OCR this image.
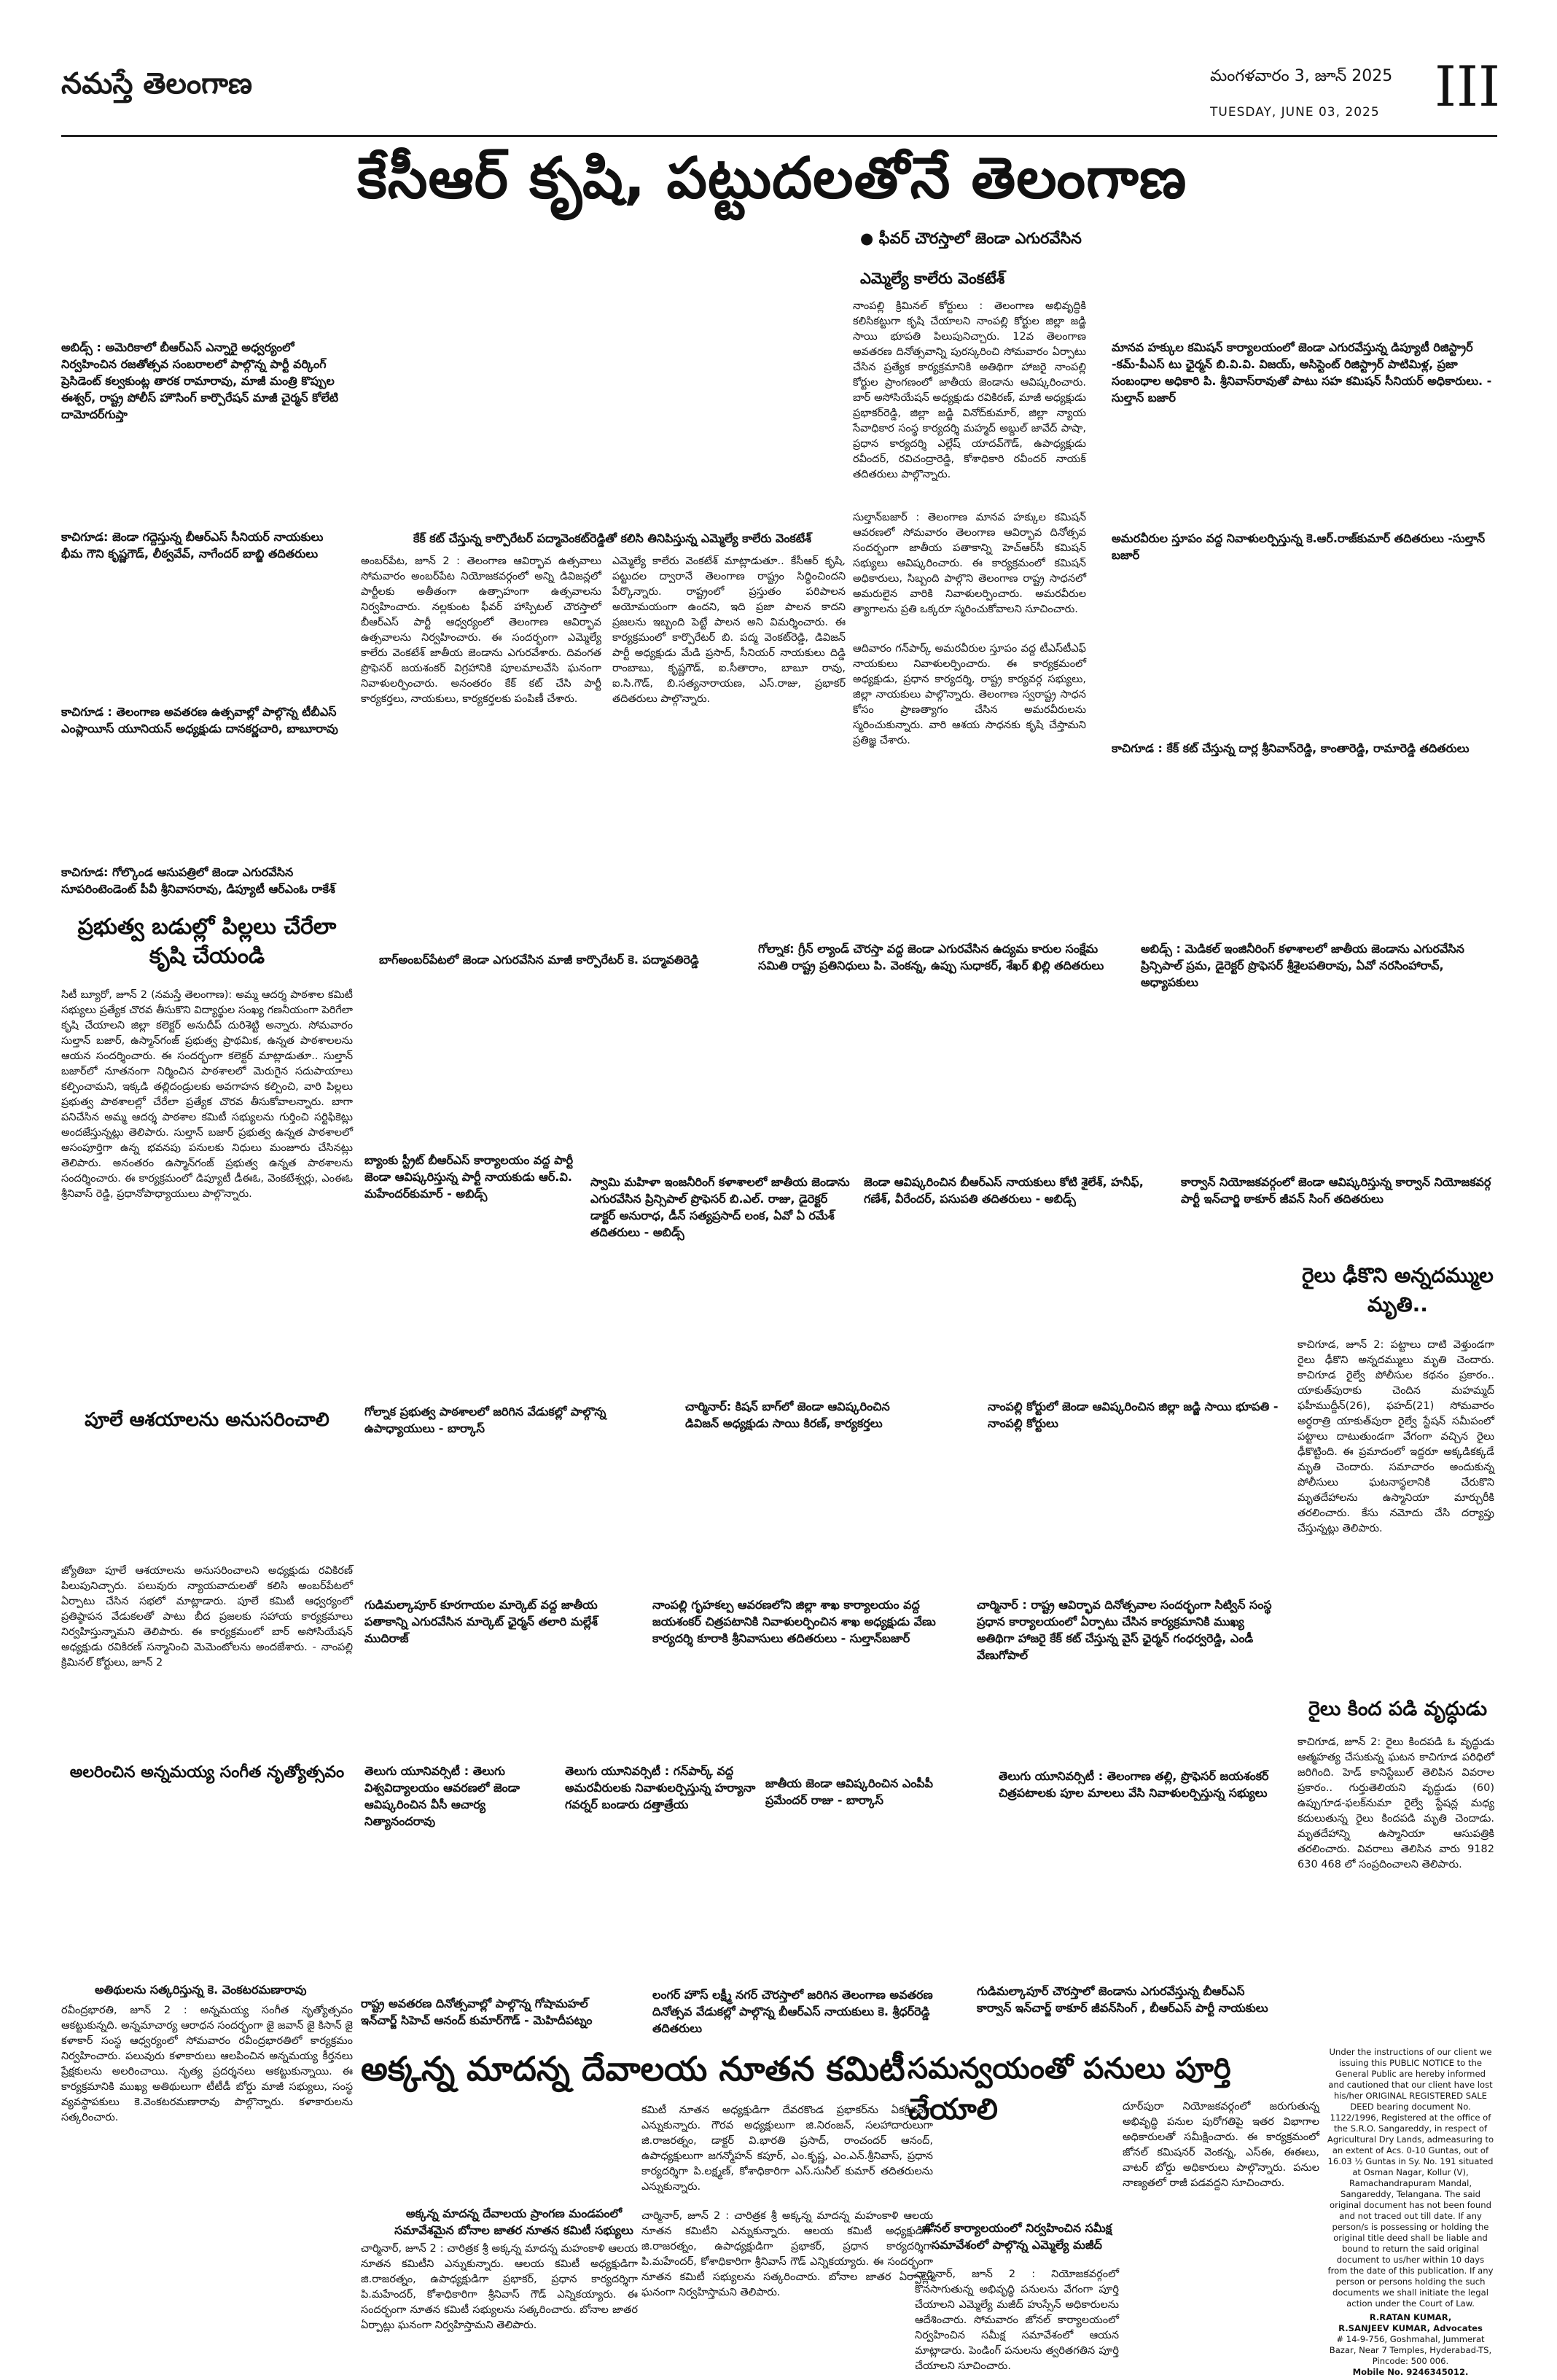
నమస్తే తెలంగాణ	మంగళవారం 3, జూన్ 2025
TUESDAY, JUNE 03, 2025 III
కేసీఆర్ కృషి, పట్టుదలతోనే తెలంగాణ
● ఫీవర్ చౌరస్తాలో జెండా ఎగురవేసిన
ఎమ్మెల్యే కాలేరు వెంకటేశ్
అబిడ్స్ : అమెరికాలో బీఆర్‌ఎస్ ఎన్నారై అధ్వర్యంలో నిర్వహించిన రజతోత్సవ సంబరాలలో పాల్గొన్న పార్టీ వర్కింగ్ ప్రెసిడెంట్ కల్వకుంట్ల తారక రామారావు, మాజీ మంత్రి కొప్పుల ఈశ్వర్, రాష్ట్ర పోలీస్ హౌసింగ్ కార్పొరేషన్ మాజీ చైర్మన్ కోలేటి దామోదర్‌గుప్తా
కాచిగూడ: జెండా గద్దెస్తున్న బీఆర్‌ఎస్ సీనియర్ నాయకులు భీమ గౌని కృష్ణగౌడ్, లీఠ్వవేవ్, నాగేందర్ బాబ్జి తదితరులు
కాచిగూడ : తెలంగాణ అవతరణ ఉత్సవాల్లో పాల్గొన్న టీబీఎస్ ఎంప్లాయీస్ యూనియన్ అధ్యక్షుడు దానకర్ణచారి, బాబూరావు
కాచిగూడ: గోల్కొండ ఆసుపత్రిలో జెండా ఎగురవేసిన సూపరింటెండెంట్ పీవీ శ్రీనివాసరావు, డిప్యూటీ ఆర్‌ఎంఓ రాకేశ్
నాంపల్లి క్రిమినల్ కోర్టులు : తెలంగాణ అభివృద్ధికి కలిసికట్టుగా కృషి చేయాలని నాంపల్లి కోర్టుల జిల్లా జడ్జి సాయి భూపతి పిలుపునిచ్చారు. 12వ తెలంగాణ అవతరణ దినోత్సవాన్ని పురస్కరించి సోమవారం ఏర్పాటు చేసిన ప్రత్యేక కార్యక్రమానికి అతిథిగా హాజరై నాంపల్లి కోర్టుల ప్రాంగణంలో జాతీయ జెండాను ఆవిష్కరించారు. బార్ అసోసియేషన్ అధ్యక్షుడు రవికిరణ్, మాజీ అధ్యక్షుడు ప్రభాకర్‌రెడ్డి, జిల్లా జడ్జి వినోద్‌కుమార్, జిల్లా న్యాయ సేవాధికార సంస్థ కార్యదర్శి మహ్మద్ అబ్దుల్ జావేద్ పాషా, ప్రధాన కార్యదర్శి ఎల్లేష్ యాదవ్‌గౌడ్, ఉపాధ్యక్షుడు రవీందర్, రవిచంద్రారెడ్డి, కోశాధికారి రవీందర్ నాయక్ తదితరులు పాల్గొన్నారు.
సుల్తాన్‌బజార్ : తెలంగాణ మానవ హక్కుల కమిషన్ ఆవరణలో సోమవారం తెలంగాణ ఆవిర్భావ దినోత్సవ సందర్భంగా జాతీయ పతాకాన్ని హెచ్‌ఆర్‌సీ కమిషన్ సభ్యులు ఆవిష్కరించారు. ఈ కార్యక్రమంలో కమిషన్ అధికారులు, సిబ్బంది పాల్గొని తెలంగాణ రాష్ట్ర సాధనలో అమరులైన వారికి నివాళులర్పించారు. అమరవీరుల త్యాగాలను ప్రతి ఒక్కరూ స్మరించుకోవాలని సూచించారు.
కేక్ కట్ చేస్తున్న కార్పొరేటర్ పద్మావెంకట్‌రెడ్డితో కలిసి తినిపిస్తున్న ఎమ్మెల్యే కాలేరు వెంకటేశ్
అంబర్‌పేట, జూన్ 2 : తెలంగాణ ఆవిర్భావ ఉత్సవాలు సోమవారం అంబర్‌పేట నియోజకవర్గంలో అన్ని డివిజన్లలో పార్టీలకు అతీతంగా ఉత్సాహంగా ఉత్సవాలను నిర్వహించారు. నల్లకుంట ఫీవర్ హాస్పిటల్ చౌరస్తాలో బీఆర్‌ఎస్ పార్టీ ఆధ్వర్యంలో తెలంగాణ ఆవిర్భావ ఉత్సవాలను నిర్వహించారు. ఈ సందర్భంగా ఎమ్మెల్యే కాలేరు వెంకటేశ్ జాతీయ జెండాను ఎగురవేశారు. దివంగత ప్రొఫెసర్ జయశంకర్ విగ్రహానికి పూలమాలవేసి ఘనంగా నివాళులర్పించారు. అనంతరం కేక్ కట్ చేసి పార్టీ కార్యకర్తలు, నాయకులు, కార్యకర్తలకు పంపిణీ చేశారు.
ఎమ్మెల్యే కాలేరు వెంకటేశ్ మాట్లాడుతూ.. కేసీఆర్ కృషి, పట్టుదల ద్వారానే తెలంగాణ రాష్ట్రం సిద్ధించిందని పేర్కొన్నారు. రాష్ట్రంలో ప్రస్తుతం పరిపాలన అయోమయంగా ఉందని, ఇది ప్రజా పాలన కాదని ప్రజలను ఇబ్బంది పెట్టే పాలన అని విమర్శించారు. ఈ కార్యక్రమంలో కార్పొరేటర్ బి. పద్మ వెంకట్‌రెడ్డి, డివిజన్ పార్టీ అధ్యక్షుడు మేడి ప్రసాద్, సీనియర్ నాయకులు దిడ్డి రాంబాబు, కృష్ణగౌడ్, ఐ.సీతారాం, బాబూ రావు, ఐ.సి.గౌడ్, బి.సత్యనారాయణ, ఎస్.రాజు, ప్రభాకర్ తదితరులు పాల్గొన్నారు.
ఆదివారం గన్‌పార్క్ అమరవీరుల స్తూపం వద్ద టీఎస్‌టీఎఫ్ నాయకులు నివాళులర్పించారు. ఈ కార్యక్రమంలో అధ్యక్షుడు, ప్రధాన కార్యదర్శి, రాష్ట్ర కార్యవర్గ సభ్యులు, జిల్లా నాయకులు పాల్గొన్నారు. తెలంగాణ స్వరాష్ట్ర సాధన కోసం ప్రాణత్యాగం చేసిన అమరవీరులను స్మరించుకున్నారు. వారి ఆశయ సాధనకు కృషి చేస్తామని ప్రతిజ్ఞ చేశారు.
మానవ హక్కుల కమిషన్ కార్యాలయంలో జెండా ఎగురవేస్తున్న డిప్యూటీ రిజిస్ట్రార్ -కమ్-పీఎస్ టు ఛైర్మన్ బి.వి.వి. విజయ్, అసిస్టెంట్ రిజిస్ట్రార్ పాటిమిళ్ల, ప్రజా సంబంధాల అధికారి పి. శ్రీనివాస్‌రావుతో పాటు సహ కమిషన్ సీనియర్ అధికారులు. - సుల్తాన్ బజార్
అమరవీరుల స్తూపం వద్ద నివాళులర్పిస్తున్న కె.ఆర్.రాజ్‌కుమార్ తదితరులు -సుల్తాన్ బజార్
కాచిగూడ : కేక్ కట్ చేస్తున్న దార్ల శ్రీనివాస్‌రెడ్డి, కాంతారెడ్డి, రామారెడ్డి తదితరులు
ప్రభుత్వ బడుల్లో పిల్లలు చేరేలా కృషి చేయండి
సిటీ బ్యూరో, జూన్ 2 (నమస్తే తెలంగాణ): అమ్మ ఆదర్శ పాఠశాల కమిటీ సభ్యులు ప్రత్యేక చొరవ తీసుకొని విద్యార్థుల సంఖ్య గణనీయంగా పెరిగేలా కృషి చేయాలని జిల్లా కలెక్టర్ అనుదీప్ దురిశెట్టి అన్నారు. సోమవారం సుల్తాన్ బజార్, ఉస్మాన్‌గంజ్ ప్రభుత్వ ప్రాథమిక, ఉన్నత పాఠశాలలను ఆయన సందర్శించారు. ఈ సందర్భంగా కలెక్టర్ మాట్లాడుతూ.. సుల్తాన్ బజార్‌లో నూతనంగా నిర్మించిన పాఠశాలలో మెరుగైన సదుపాయాలు కల్పించామని, ఇక్కడి తల్లిదండ్రులకు అవగాహన కల్పించి, వారి పిల్లలు ప్రభుత్వ పాఠశాలల్లో చేరేలా ప్రత్యేక చొరవ తీసుకోవాలన్నారు. బాగా పనిచేసిన అమ్మ ఆదర్శ పాఠశాల కమిటీ సభ్యులను గుర్తించి సర్టిఫికెట్లు అందజేస్తున్నట్లు తెలిపారు. సుల్తాన్ బజార్ ప్రభుత్వ ఉన్నత పాఠశాలలో అసంపూర్తిగా ఉన్న భవనపు పనులకు నిధులు మంజూరు చేసినట్లు తెలిపారు. అనంతరం ఉస్మాన్‌గంజ్ ప్రభుత్వ ఉన్నత పాఠశాలను సందర్శించారు. ఈ కార్యక్రమంలో డిప్యూటీ డీఈఓ, వెంకటేశ్వర్లు, ఎంఈఓ శ్రీనివాస్ రెడ్డి, ప్రధానోపాధ్యాయులు పాల్గొన్నారు.
పూలే ఆశయాలను అనుసరించాలి
జ్యోతిబా పూలే ఆశయాలను అనుసరించాలని అధ్యక్షుడు రవికిరణ్ పిలుపునిచ్చారు. పలువురు న్యాయవాదులతో కలిసి అంబర్‌పేటలో ఏర్పాటు చేసిన సభలో మాట్లాడారు. పూలే కమిటీ ఆధ్వర్యంలో ప్రతిష్ఠాపన వేడుకలతో పాటు బీద ప్రజలకు సహాయ కార్యక్రమాలు నిర్వహిస్తున్నామని తెలిపారు. ఈ కార్యక్రమంలో బార్ అసోసియేషన్ అధ్యక్షుడు రవికిరణ్ సన్మానించి మెమెంటోలను అందజేశారు. - నాంపల్లి క్రిమినల్ కోర్టులు, జూన్ 2
అలరించిన అన్నమయ్య సంగీత నృత్యోత్సవం
అతిథులను సత్కరిస్తున్న కె. వెంకటరమణారావు
రవీంద్రభారతి, జూన్ 2 : అన్నమయ్య సంగీత నృత్యోత్సవం ఆకట్టుకున్నది. అన్నమాచార్య ఆరాధన సందర్భంగా జై జవాన్ జై కిసాన్ జై కళాకార్ సంస్థ ఆధ్వర్యంలో సోమవారం రవీంద్రభారతిలో కార్యక్రమం నిర్వహించారు. పలువురు కళాకారులు ఆలపించిన అన్నమయ్య కీర్తనలు ప్రేక్షకులను అలరించాయి. నృత్య ప్రదర్శనలు ఆకట్టుకున్నాయి. ఈ కార్యక్రమానికి ముఖ్య అతిథులుగా టీటీడీ బోర్డు మాజీ సభ్యులు, సంస్థ వ్యవస్థాపకులు కె.వెంకటరమణారావు పాల్గొన్నారు. కళాకారులను సత్కరించారు.
బాగ్‌అంబర్‌పేటలో జెండా ఎగురవేసిన మాజీ కార్పొరేటర్ కె. పద్మావతిరెడ్డి
గోల్నాక: గ్రీన్ ల్యాండ్ చౌరస్తా వద్ద జెండా ఎగురవేసిన ఉద్యమ కారుల సంక్షేమ సమితి రాష్ట్ర ప్రతినిధులు పి. వెంకన్న, ఉప్పు సుధాకర్, శేఖర్ ఖిల్లి తదితరులు
అబిడ్స్ : మెడికల్ ఇంజినీరింగ్ కళాశాలలో జాతీయ జెండాను ఎగురవేసిన ప్రిన్సిపాల్ ప్రమ, డైరెక్టర్ ప్రొఫెసర్ శ్రీశైలపతిరావు, ఏవో నరసింహారావ్, అధ్యాపకులు
బ్యాంకు స్ట్రీట్ బీఆర్‌ఎస్ కార్యాలయం వద్ద పార్టీ జెండా ఆవిష్కరిస్తున్న పార్టీ నాయకుడు ఆర్.వి. మహేందర్‌కుమార్ - అబిడ్స్
స్వామి మహిళా ఇంజనీరింగ్ కళాశాలలో జాతీయ జెండాను ఎగురవేసిన ప్రిన్సిపాల్ ప్రొఫెసర్ బి.ఎల్. రాజు, డైరెక్టర్ డాక్టర్ అనురాధ, డీన్ సత్యప్రసాద్ లంక, ఏవో ఏ రమేశ్ తదితరులు - అబిడ్స్
జెండా ఆవిష్కరించిన బీఆర్‌ఎస్ నాయకులు కోటి శైలేశ్, హనీఫ్, గణేశ్, వీరేందర్, పసుపతి తదితరులు - అబిడ్స్
కార్వాన్ నియోజకవర్గంలో జెండా ఆవిష్కరిస్తున్న కార్వాన్ నియోజకవర్గ పార్టీ ఇన్‌చార్జి ఠాకూర్ జీవన్ సింగ్ తదితరులు
రైలు ఢీకొని అన్నదమ్ముల మృతి..
కాచిగూడ, జూన్ 2: పట్టాలు దాటి వెళ్తుండగా రైలు ఢీకొని అన్నదమ్ములు మృతి చెందారు. కాచిగూడ రైల్వే పోలీసుల కథనం ప్రకారం.. యాకుత్‌పురాకు చెందిన మహమ్మద్ ఫహీముద్దీన్(26), ఫహద్(21) సోమవారం అర్ధరాత్రి యాకుత్‌పురా రైల్వే స్టేషన్ సమీపంలో పట్టాలు దాటుతుండగా వేగంగా వచ్చిన రైలు ఢీకొట్టింది. ఈ ప్రమాదంలో ఇద్దరూ అక్కడికక్కడే మృతి చెందారు. సమాచారం అందుకున్న పోలీసులు ఘటనాస్థలానికి చేరుకొని మృతదేహాలను ఉస్మానియా మార్చురీకి తరలించారు. కేసు నమోదు చేసి దర్యాప్తు చేస్తున్నట్లు తెలిపారు.
గోల్నాక ప్రభుత్వ పాఠశాలలో జరిగిన వేడుకల్లో పాల్గొన్న ఉపాధ్యాయులు - బార్కాస్
చార్మినార్: కిషన్ బాగ్‌లో జెండా ఆవిష్కరించిన డివిజన్ అధ్యక్షుడు సాయి కిరణ్, కార్యకర్తలు
నాంపల్లి కోర్టులో జెండా ఆవిష్కరించిన జిల్లా జడ్జి సాయి భూపతి - నాంపల్లి కోర్టులు
రైలు కింద పడి వృద్ధుడు
కాచిగూడ, జూన్ 2: రైలు కిందపడి ఓ వృద్ధుడు ఆత్మహత్య చేసుకున్న ఘటన కాచిగూడ పరిధిలో జరిగింది. హెడ్ కానిస్టేబుల్ తెలిపిన వివరాల ప్రకారం.. గుర్తుతెలియని వృద్ధుడు (60) ఉప్పుగూడ-ఫలక్‌నుమా రైల్వే స్టేషన్ల మధ్య కదులుతున్న రైలు కిందపడి మృతి చెందాడు. మృతదేహాన్ని ఉస్మానియా ఆసుపత్రికి తరలించారు. వివరాలు తెలిసిన వారు 9182 630 468 లో సంప్రదించాలని తెలిపారు.
గుడిమల్కాపూర్ కూరగాయల మార్కెట్ వద్ద జాతీయ పతాకాన్ని ఎగురవేసిన మార్కెట్ ఛైర్మన్ తలారి మల్లేశ్ ముదిరాజ్
నాంపల్లి గృహకల్ప ఆవరణలోని జిల్లా శాఖ కార్యాలయం వద్ద జయశంకర్ చిత్రపటానికి నివాళులర్పించిన శాఖ అధ్యక్షుడు వేణు కార్యదర్శి కూరాకి శ్రీనివాసులు తదితరులు - సుల్తాన్‌బజార్
చార్మినార్ : రాష్ట్ర ఆవిర్భావ దినోత్సవాల సందర్భంగా సిట్విన్ సంస్థ ప్రధాన కార్యాలయంలో ఏర్పాటు చేసిన కార్యక్రమానికి ముఖ్య అతిథిగా హాజరై కేక్ కట్ చేస్తున్న వైస్ ఛైర్మన్ గంధర్వరెడ్డి, ఎండీ వేణుగోపాల్
తెలుగు యూనివర్సిటీ : తెలుగు విశ్వవిద్యాలయం ఆవరణలో జెండా ఆవిష్కరించిన వీసీ ఆచార్య నిత్యానందరావు
తెలుగు యూనివర్సిటీ : గన్‌పార్క్ వద్ద అమరవీరులకు నివాళులర్పిస్తున్న హర్యానా గవర్నర్ బండారు దత్తాత్రేయ
జాతీయ జెండా ఆవిష్కరించిన ఎంపీపీ ప్రమేందర్ రాజు - బార్కాస్
తెలుగు యూనివర్సిటీ : తెలంగాణ తల్లి, ప్రొఫెసర్ జయశంకర్ చిత్రపటాలకు పూల మాలలు వేసి నివాళులర్పిస్తున్న సభ్యులు
రాష్ట్ర అవతరణ దినోత్సవాల్లో పాల్గొన్న గోషామహల్ ఇన్‌చార్జ్ సిహెచ్ ఆనంద్ కుమార్‌గౌడ్ - మెహిదీపట్నం
లంగర్ హౌస్ లక్ష్మీ నగర్ చౌరస్తాలో జరిగిన తెలంగాణ అవతరణ దినోత్సవ వేడుకల్లో పాల్గొన్న బీఆర్‌ఎస్ నాయకులు కె. శ్రీధర్‌రెడ్డి తదితరులు
గుడిమల్కాపూర్ చౌరస్తాలో జెండాను ఎగురవేస్తున్న బీఆర్‌ఎస్ కార్వాన్ ఇన్‌చార్జ్ ఠాకూర్ జీవన్‌సింగ్ , బీఆర్‌ఎస్ పార్టీ నాయకులు
అక్కన్న మాదన్న దేవాలయ నూతన కమిటీ
కమిటీ నూతన అధ్యక్షుడిగా దేవరకొండ ప్రభాకర్‌ను ఏకగ్రీవంగా ఎన్నుకున్నారు. గౌరవ అధ్యక్షులుగా జి.నిరంజన్, సలహాదారులుగా జి.రాజరత్నం, డాక్టర్ వి.భారతి ప్రసాద్, రాంచందర్ ఆనంద్, ఉపాధ్యక్షులుగా జగన్మోహన్ కపూర్, ఎం.కృష్ణ, ఎం.ఎన్.శ్రీనివాస్, ప్రధాన కార్యదర్శిగా పి.లక్ష్మణ్, కోశాధికారిగా ఎస్.సునీల్ కుమార్ తదితరులను ఎన్నుకున్నారు.
అక్కన్న మాదన్న దేవాలయ ప్రాంగణ మండపంలో సమావేశమైన బోనాల జాతర నూతన కమిటీ సభ్యులు
చార్మినార్, జూన్ 2 : చారిత్రక శ్రీ అక్కన్న మాదన్న మహంకాళి ఆలయ నూతన కమిటీని ఎన్నుకున్నారు. ఆలయ కమిటీ అధ్యక్షుడిగా జి.రాజరత్నం, ఉపాధ్యక్షుడిగా ప్రభాకర్, ప్రధాన కార్యదర్శిగా పి.మహేందర్, కోశాధికారిగా శ్రీనివాస్ గౌడ్ ఎన్నికయ్యారు. ఈ సందర్భంగా నూతన కమిటీ సభ్యులను సత్కరించారు. బోనాల జాతర ఏర్పాట్లు ఘనంగా నిర్వహిస్తామని తెలిపారు.
చార్మినార్, జూన్ 2 : చారిత్రక శ్రీ అక్కన్న మాదన్న మహంకాళి ఆలయ నూతన కమిటీని ఎన్నుకున్నారు. ఆలయ కమిటీ అధ్యక్షుడిగా జి.రాజరత్నం, ఉపాధ్యక్షుడిగా ప్రభాకర్, ప్రధాన కార్యదర్శిగా పి.మహేందర్, కోశాధికారిగా శ్రీనివాస్ గౌడ్ ఎన్నికయ్యారు. ఈ సందర్భంగా నూతన కమిటీ సభ్యులను సత్కరించారు. బోనాల జాతర ఏర్పాట్లు ఘనంగా నిర్వహిస్తామని తెలిపారు.
సమన్వయంతో పనులు పూర్తి చేయాలి	దూర్‌పురా నియోజకవర్గంలో జరుగుతున్న అభివృద్ధి పనుల పురోగతిపై ఇతర విభాగాల అధికారులతో సమీక్షించారు. ఈ కార్యక్రమంలో జోనల్ కమిషనర్ వెంకన్న, ఎస్‌ఈ, ఈఈలు, వాటర్ బోర్డు అధికారులు పాల్గొన్నారు. పనుల నాణ్యతలో రాజీ పడవద్దని సూచించారు.
జోనల్ కార్యాలయంలో నిర్వహించిన సమీక్ష సమావేశంలో పాల్గొన్న ఎమ్మెల్యే మజీద్
చార్మినార్, జూన్ 2 : నియోజకవర్గంలో కొనసాగుతున్న అభివృద్ధి పనులను వేగంగా పూర్తి చేయాలని ఎమ్మెల్యే మజీద్ హుస్సేన్ అధికారులను ఆదేశించారు. సోమవారం జోనల్ కార్యాలయంలో నిర్వహించిన సమీక్ష సమావేశంలో ఆయన మాట్లాడారు. పెండింగ్ పనులను త్వరితగతిన పూర్తి చేయాలని సూచించారు.
Under the instructions of our client we issuing this PUBLIC NOTICE to the General Public are hereby informed and cautioned that our client have lost his/her ORIGINAL REGISTERED SALE DEED bearing document No. 1122/1996, Registered at the office of the S.R.O. Sangareddy, in respect of Agricultural Dry Lands, admeasuring to an extent of Acs. 0-10 Guntas, out of 16.03 ½ Guntas in Sy. No. 191 situated at Osman Nagar, Kollur (V), Ramachandrapuram Mandal, Sangareddy, Telangana. The said original document has not been found and not traced out till date. If any person/s is possessing or holding the original title deed shall be liable and bound to return the said original document to us/her within 10 days from the date of this publication. If any person or persons holding the such documents we shall initiate the legal action under the Court of Law.
R.RATAN KUMAR,
R.SANJEEV KUMAR, Advocates
# 14-9-756, Goshmahal, Jummerat Bazar, Near 7 Temples, Hyderabad-TS, Pincode: 500 006.
Mobile No. 9246345012.
